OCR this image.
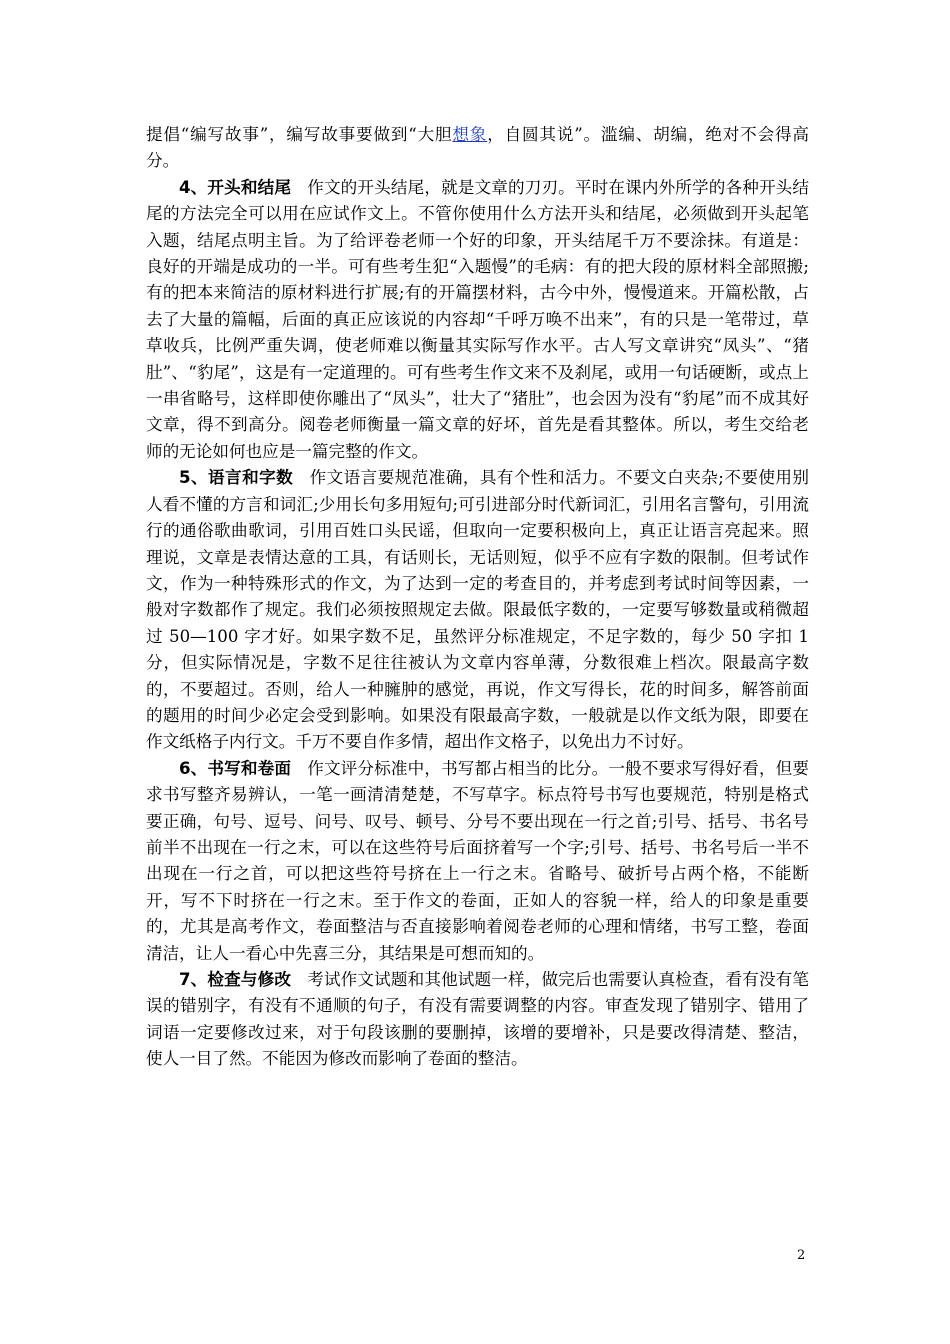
提倡“编写故事”，编写故事要做到“大胆想象，自圆其说”。滥编、胡编，绝对不会得高分。

4、开头和结尾 作文的开头结尾，就是文章的刀刃。平时在课内外所学的各种开头结尾的方法完全可以用在应试作文上。不管你使用什么方法开头和结尾，必须做到开头起笔入题，结尾点明主旨。为了给评卷老师一个好的印象，开头结尾千万不要涂抹。有道是：良好的开端是成功的一半。可有些考生犯“入题慢”的毛病：有的把大段的原材料全部照搬;有的把本来简洁的原材料进行扩展;有的开篇摆材料，古今中外，慢慢道来。开篇松散，占去了大量的篇幅，后面的真正应该说的内容却“千呼万唤不出来”，有的只是一笔带过，草草收兵，比例严重失调，使老师难以衡量其实际写作水平。古人写文章讲究“凤头”、“猪肚”、“豹尾”，这是有一定道理的。可有些考生作文来不及刹尾，或用一句话硬断，或点上一串省略号，这样即使你雕出了“凤头”，壮大了“猪肚”，也会因为没有“豹尾”而不成其好文章，得不到高分。阅卷老师衡量一篇文章的好坏，首先是看其整体。所以，考生交给老师的无论如何也应是一篇完整的作文。

5、语言和字数 作文语言要规范准确，具有个性和活力。不要文白夹杂;不要使用别人看不懂的方言和词汇;少用长句多用短句;可引进部分时代新词汇，引用名言警句，引用流行的通俗歌曲歌词，引用百姓口头民谣，但取向一定要积极向上，真正让语言亮起来。照理说，文章是表情达意的工具，有话则长，无话则短，似乎不应有字数的限制。但考试作文，作为一种特殊形式的作文，为了达到一定的考查目的，并考虑到考试时间等因素，一般对字数都作了规定。我们必须按照规定去做。限最低字数的，一定要写够数量或稍微超过 50—100 字才好。如果字数不足，虽然评分标准规定，不足字数的，每少 50 字扣 1 分，但实际情况是，字数不足往往被认为文章内容单薄，分数很难上档次。限最高字数的，不要超过。否则，给人一种臃肿的感觉，再说，作文写得长，花的时间多，解答前面的题用的时间少必定会受到影响。如果没有限最高字数，一般就是以作文纸为限，即要在作文纸格子内行文。千万不要自作多情，超出作文格子，以免出力不讨好。

6、书写和卷面 作文评分标准中，书写都占相当的比分。一般不要求写得好看，但要求书写整齐易辨认，一笔一画清清楚楚，不写草字。标点符号书写也要规范，特别是格式要正确，句号、逗号、问号、叹号、顿号、分号不要出现在一行之首;引号、括号、书名号前半不出现在一行之末，可以在这些符号后面挤着写一个字;引号、括号、书名号后一半不出现在一行之首，可以把这些符号挤在上一行之末。省略号、破折号占两个格，不能断开，写不下时挤在一行之末。至于作文的卷面，正如人的容貌一样，给人的印象是重要的，尤其是高考作文，卷面整洁与否直接影响着阅卷老师的心理和情绪，书写工整，卷面清洁，让人一看心中先喜三分，其结果是可想而知的。

7、检查与修改 考试作文试题和其他试题一样，做完后也需要认真检查，看有没有笔误的错别字，有没有不通顺的句子，有没有需要调整的内容。审查发现了错别字、错用了词语一定要修改过来，对于句段该删的要删掉，该增的要增补，只是要改得清楚、整洁，使人一目了然。不能因为修改而影响了卷面的整洁。

2
